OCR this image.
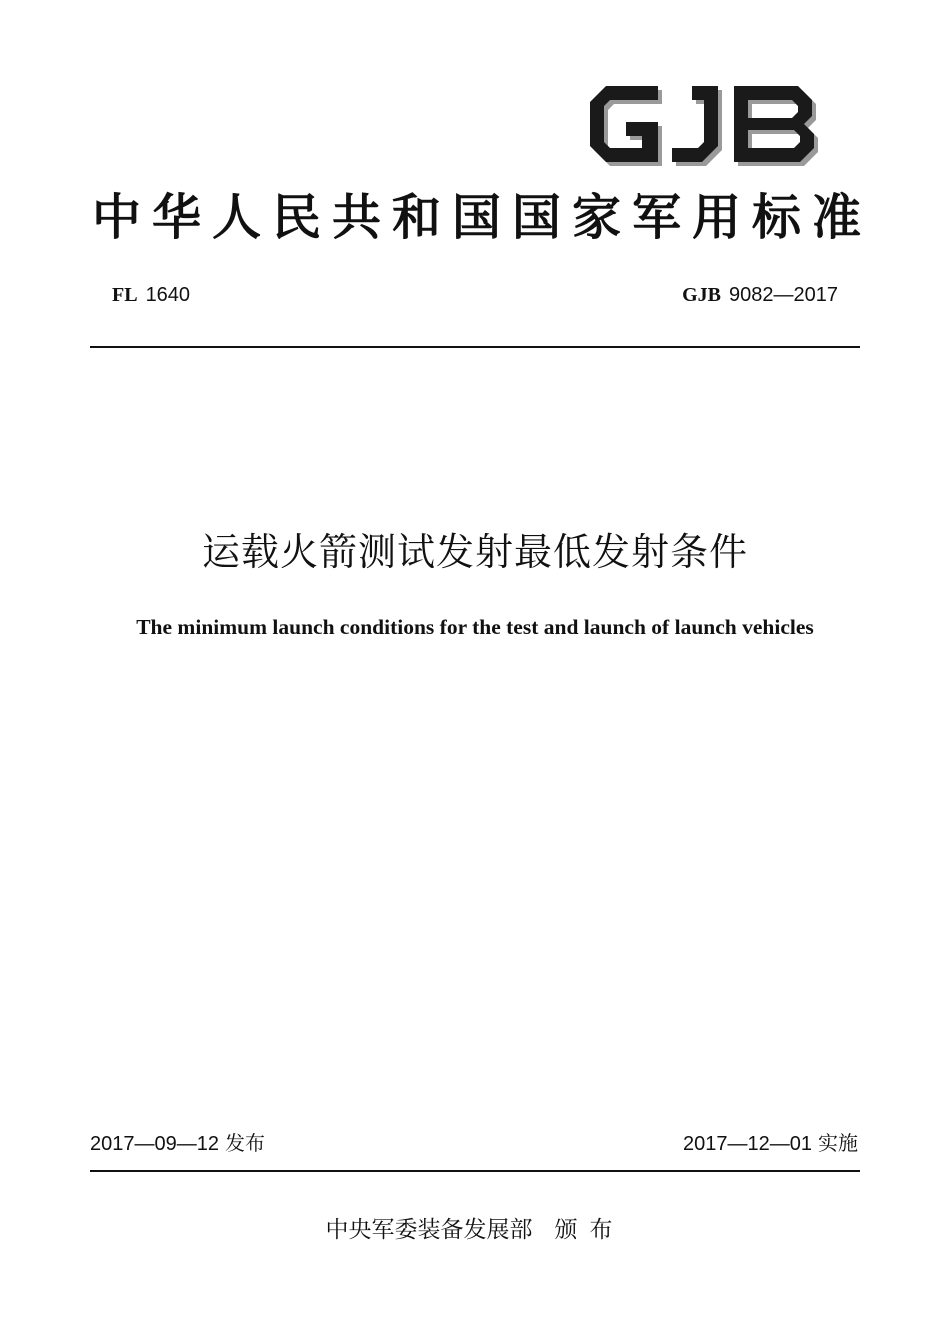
中华人民共和国国家军用标准
FL 1640	GJB 9082—2017
运载火箭测试发射最低发射条件
The minimum launch conditions for the test and launch of launch vehicles
2017—09—12 发布	2017—12—01 实施
中央军委装备发展部 颁布
